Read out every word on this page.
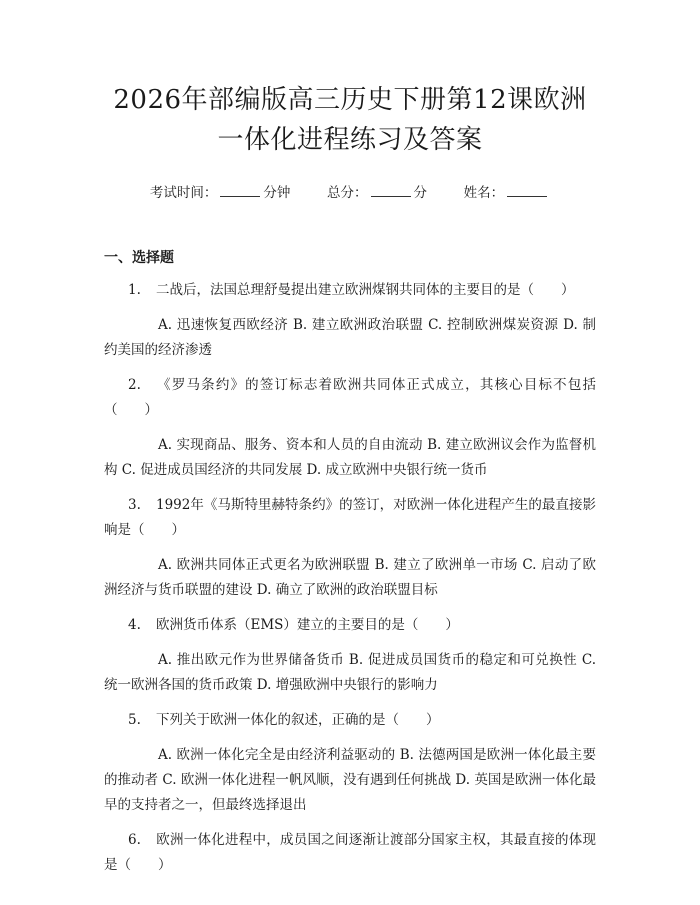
2026年部编版高三历史下册第12课欧洲一体化进程练习及答案
考试时间：	分钟	总分：	分	姓名：
一、选择题
1. 二战后，法国总理舒曼提出建立欧洲煤钢共同体的主要目的是（　　）
A. 迅速恢复西欧经济 B. 建立欧洲政治联盟 C. 控制欧洲煤炭资源 D. 制约美国的经济渗透
2. 《罗马条约》的签订标志着欧洲共同体正式成立，其核心目标不包括（　　）
A. 实现商品、服务、资本和人员的自由流动 B. 建立欧洲议会作为监督机构 C. 促进成员国经济的共同发展 D. 成立欧洲中央银行统一货币
3. 1992年《马斯特里赫特条约》的签订，对欧洲一体化进程产生的最直接影响是（　　）
A. 欧洲共同体正式更名为欧洲联盟 B. 建立了欧洲单一市场 C. 启动了欧洲经济与货币联盟的建设 D. 确立了欧洲的政治联盟目标
4. 欧洲货币体系（EMS）建立的主要目的是（　　）
A. 推出欧元作为世界储备货币 B. 促进成员国货币的稳定和可兑换性 C. 统一欧洲各国的货币政策 D. 增强欧洲中央银行的影响力
5. 下列关于欧洲一体化的叙述，正确的是（　　）
A. 欧洲一体化完全是由经济利益驱动的 B. 法德两国是欧洲一体化最主要的推动者 C. 欧洲一体化进程一帆风顺，没有遇到任何挑战 D. 英国是欧洲一体化最早的支持者之一，但最终选择退出
6. 欧洲一体化进程中，成员国之间逐渐让渡部分国家主权，其最直接的体现是（　　）
